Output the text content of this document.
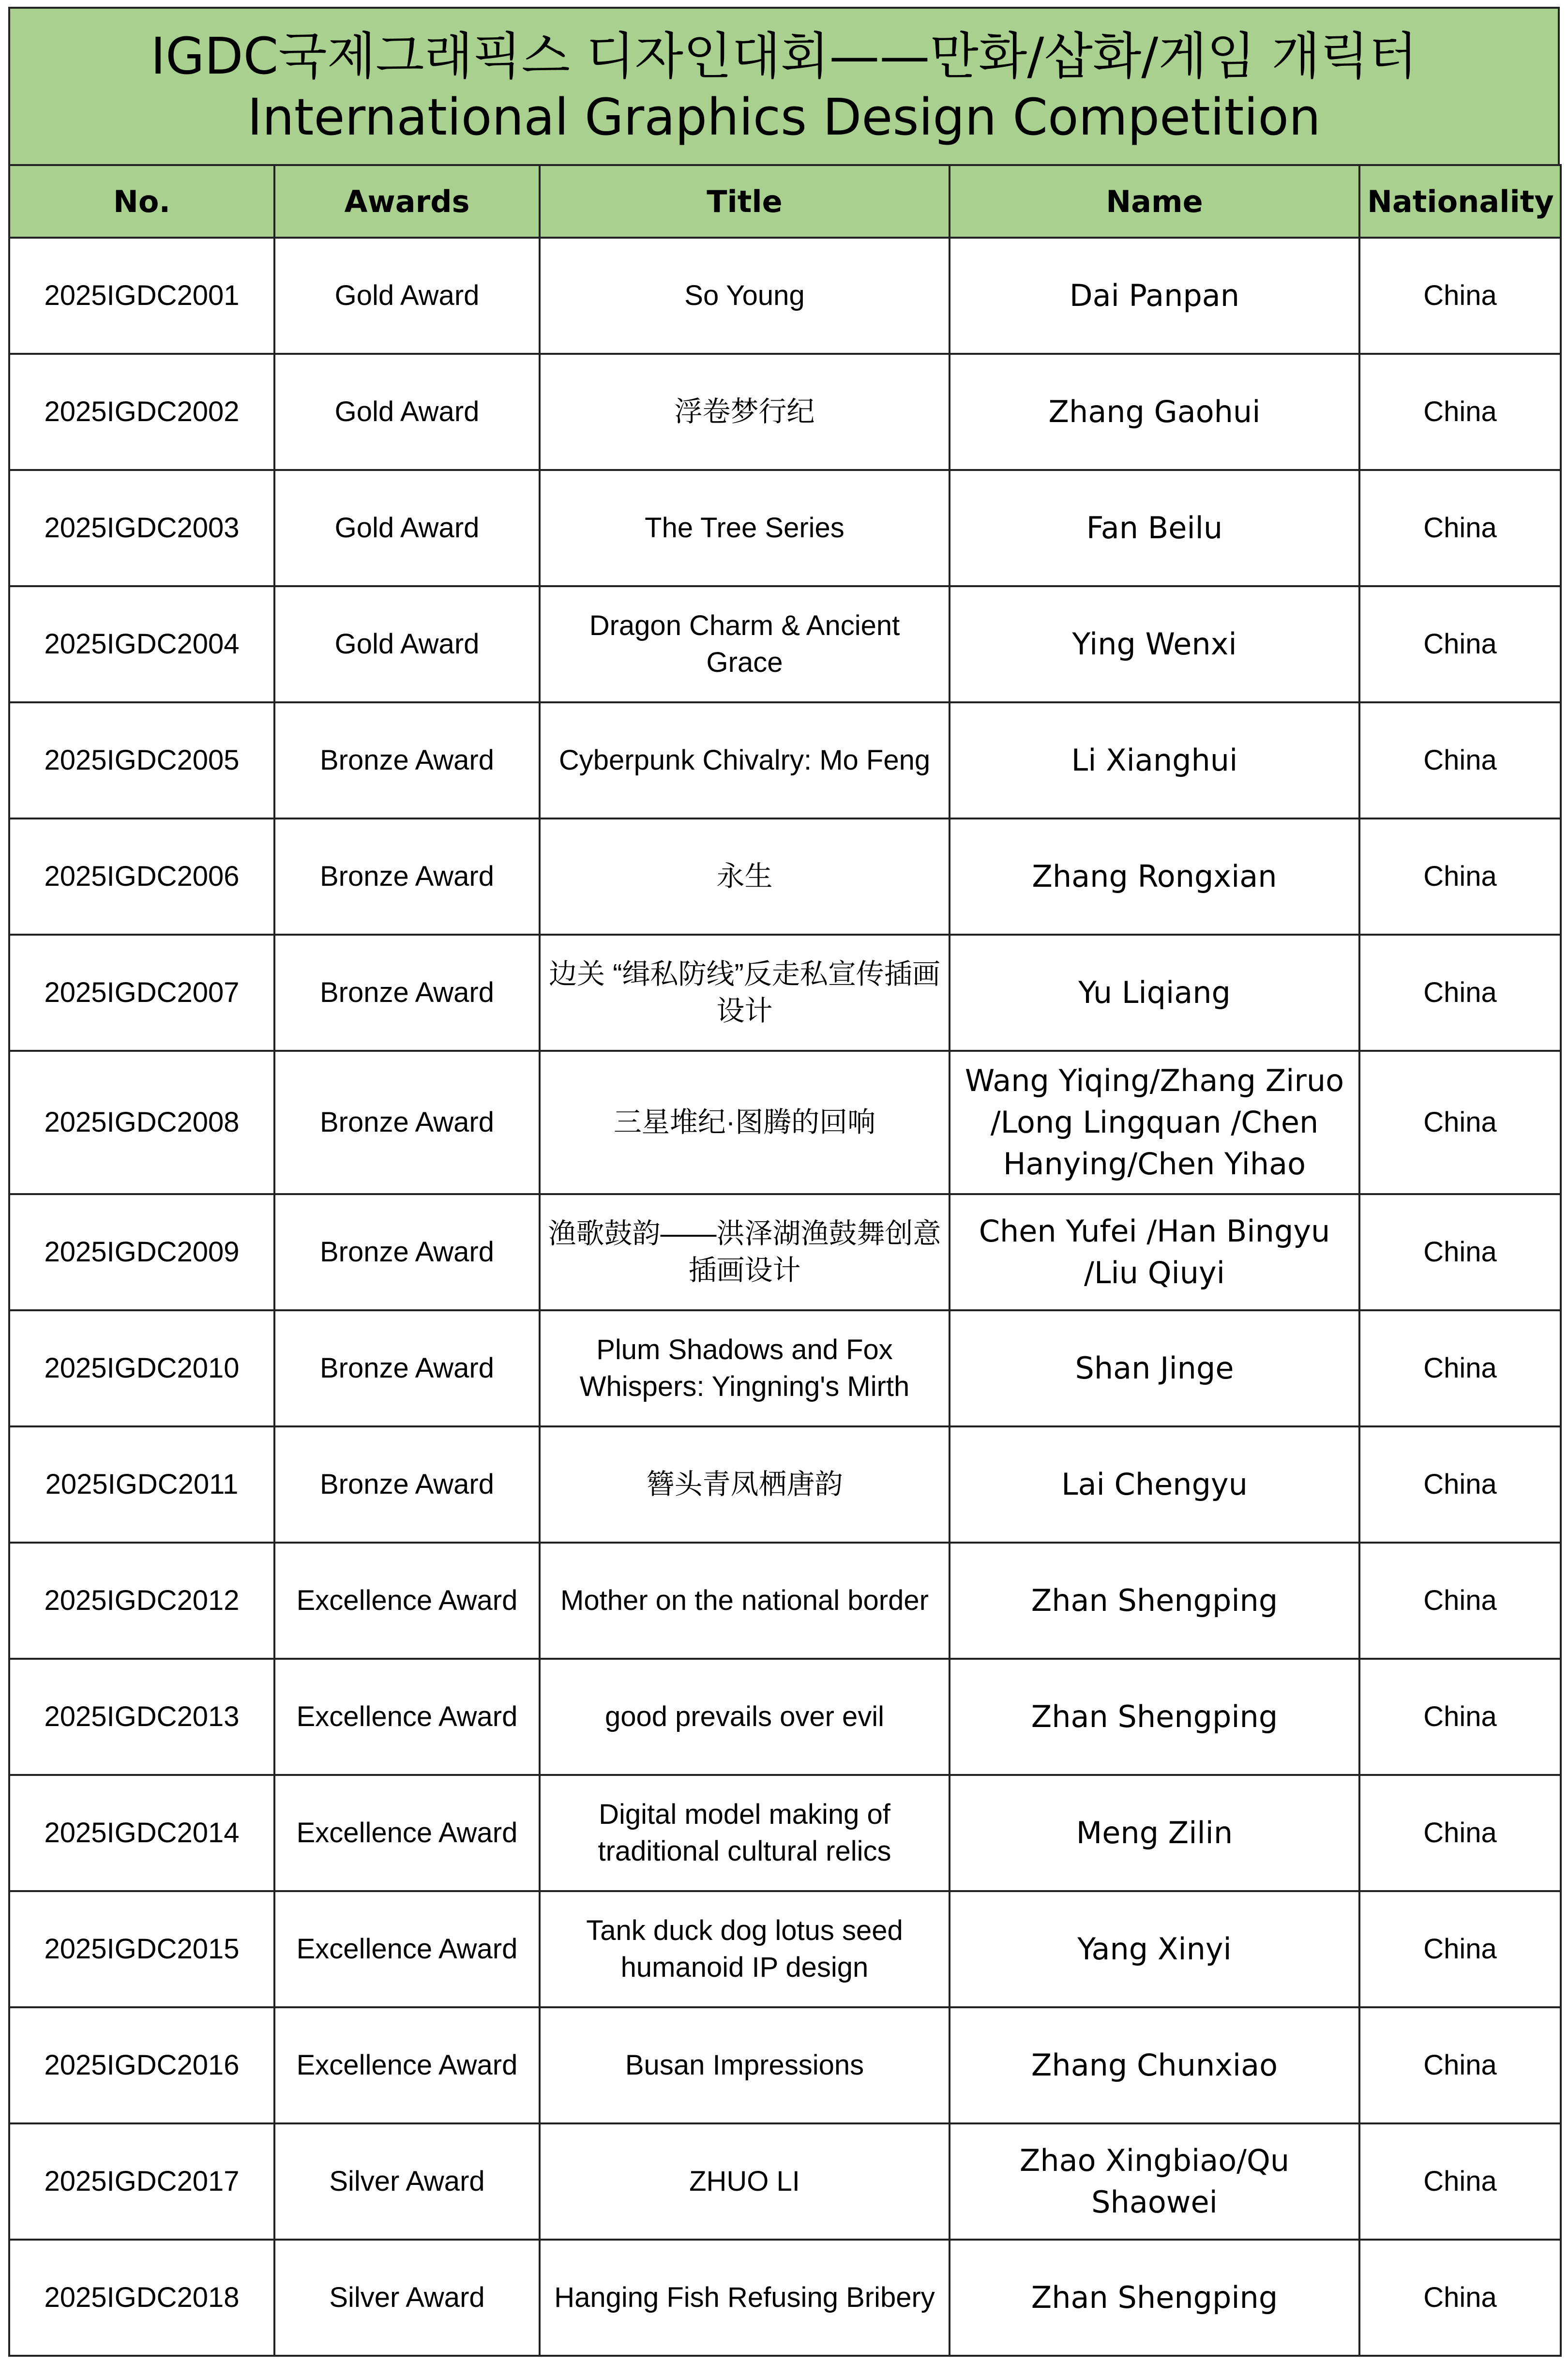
IGDC국제그래픽스 디자인대회——만화/삽화/게임 개릭터
International Graphics Design Competition
No.	Awards	Title	Name	Nationality
2025IGDC2001	Gold Award	So Young	Dai Panpan	China
2025IGDC2002	Gold Award	浮卷梦行纪	Zhang Gaohui	China
2025IGDC2003	Gold Award	The Tree Series	Fan Beilu	China
2025IGDC2004	Gold Award	Dragon Charm & Ancient Grace	Ying Wenxi	China
2025IGDC2005	Bronze Award	Cyberpunk Chivalry: Mo Feng	Li Xianghui	China
2025IGDC2006	Bronze Award	永生	Zhang Rongxian	China
2025IGDC2007	Bronze Award	边关 “缉私防线”反走私宣传插画设计	Yu Liqiang	China
2025IGDC2008	Bronze Award	三星堆纪·图腾的回响	Wang Yiqing/Zhang Ziruo /Long Lingquan /Chen Hanying/Chen Yihao	China
2025IGDC2009	Bronze Award	渔歌鼓韵——洪泽湖渔鼓舞创意插画设计	Chen Yufei /Han Bingyu /Liu Qiuyi	China
2025IGDC2010	Bronze Award	Plum Shadows and Fox Whispers: Yingning's Mirth	Shan Jinge	China
2025IGDC2011	Bronze Award	簪头青凤栖唐韵	Lai Chengyu	China
2025IGDC2012	Excellence Award	Mother on the national border	Zhan Shengping	China
2025IGDC2013	Excellence Award	good prevails over evil	Zhan Shengping	China
2025IGDC2014	Excellence Award	Digital model making of traditional cultural relics	Meng Zilin	China
2025IGDC2015	Excellence Award	Tank duck dog lotus seed humanoid IP design	Yang Xinyi	China
2025IGDC2016	Excellence Award	Busan Impressions	Zhang Chunxiao	China
2025IGDC2017	Silver Award	ZHUO LI	Zhao Xingbiao/Qu Shaowei	China
2025IGDC2018	Silver Award	Hanging Fish Refusing Bribery	Zhan Shengping	China
